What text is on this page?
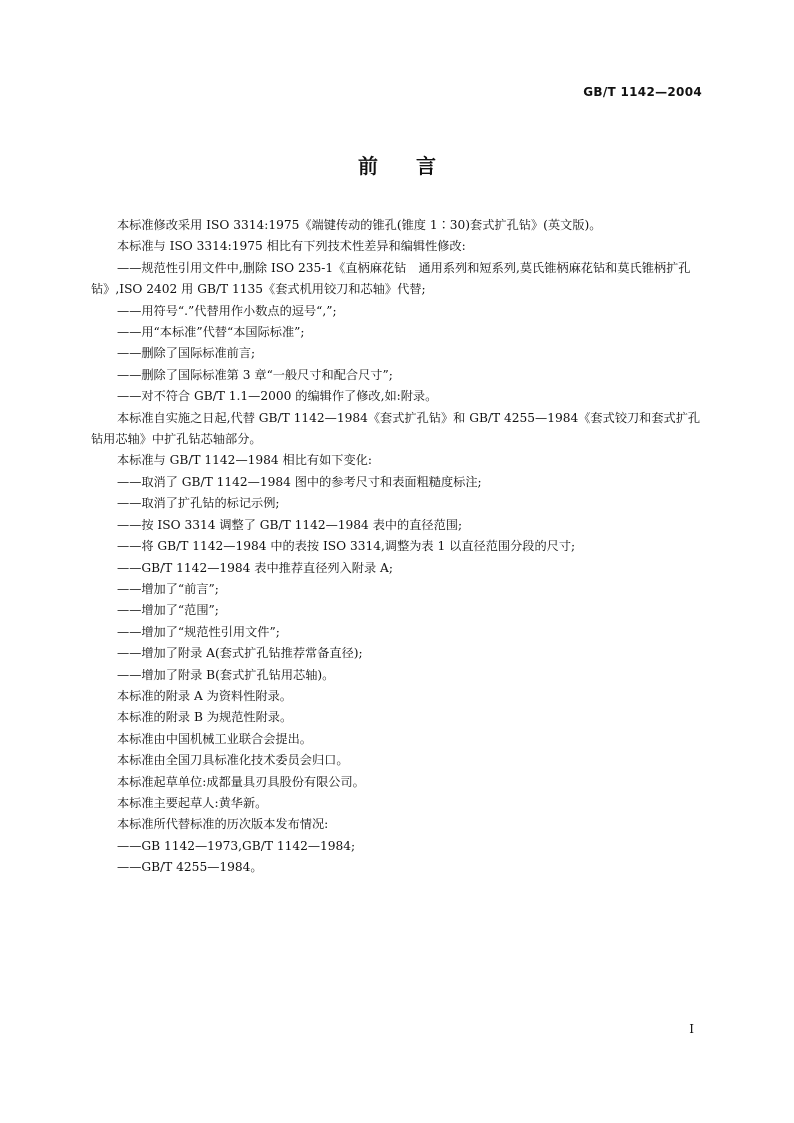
GB/T 1142—2004
前言

本标准修改采用 ISO 3314:1975《端键传动的锥孔(锥度 1∶30)套式扩孔钻》(英文版)。

本标准与 ISO 3314:1975 相比有下列技术性差异和编辑性修改:

——规范性引用文件中,删除 ISO 235-1《直柄麻花钻　通用系列和短系列,莫氏锥柄麻花钻和莫氏锥柄扩孔钻》,ISO 2402 用 GB/T 1135《套式机用铰刀和芯轴》代替;

——用符号“.”代替用作小数点的逗号“,”;

——用“本标准”代替“本国际标准”;

——删除了国际标准前言;

——删除了国际标准第 3 章“一般尺寸和配合尺寸”;

——对不符合 GB/T 1.1—2000 的编辑作了修改,如:附录。

本标准自实施之日起,代替 GB/T 1142—1984《套式扩孔钻》和 GB/T 4255—1984《套式铰刀和套式扩孔钻用芯轴》中扩孔钻芯轴部分。

本标准与 GB/T 1142—1984 相比有如下变化:

——取消了 GB/T 1142—1984 图中的参考尺寸和表面粗糙度标注;

——取消了扩孔钻的标记示例;

——按 ISO 3314 调整了 GB/T 1142—1984 表中的直径范围;

——将 GB/T 1142—1984 中的表按 ISO 3314,调整为表 1 以直径范围分段的尺寸;

——GB/T 1142—1984 表中推荐直径列入附录 A;

——增加了“前言”;

——增加了“范围”;

——增加了“规范性引用文件”;

——增加了附录 A(套式扩孔钻推荐常备直径);

——增加了附录 B(套式扩孔钻用芯轴)。

本标准的附录 A 为资料性附录。

本标准的附录 B 为规范性附录。

本标准由中国机械工业联合会提出。

本标准由全国刀具标准化技术委员会归口。

本标准起草单位:成都量具刃具股份有限公司。

本标准主要起草人:黄华新。

本标准所代替标准的历次版本发布情况:

——GB 1142—1973,GB/T 1142—1984;

——GB/T 4255—1984。

I
